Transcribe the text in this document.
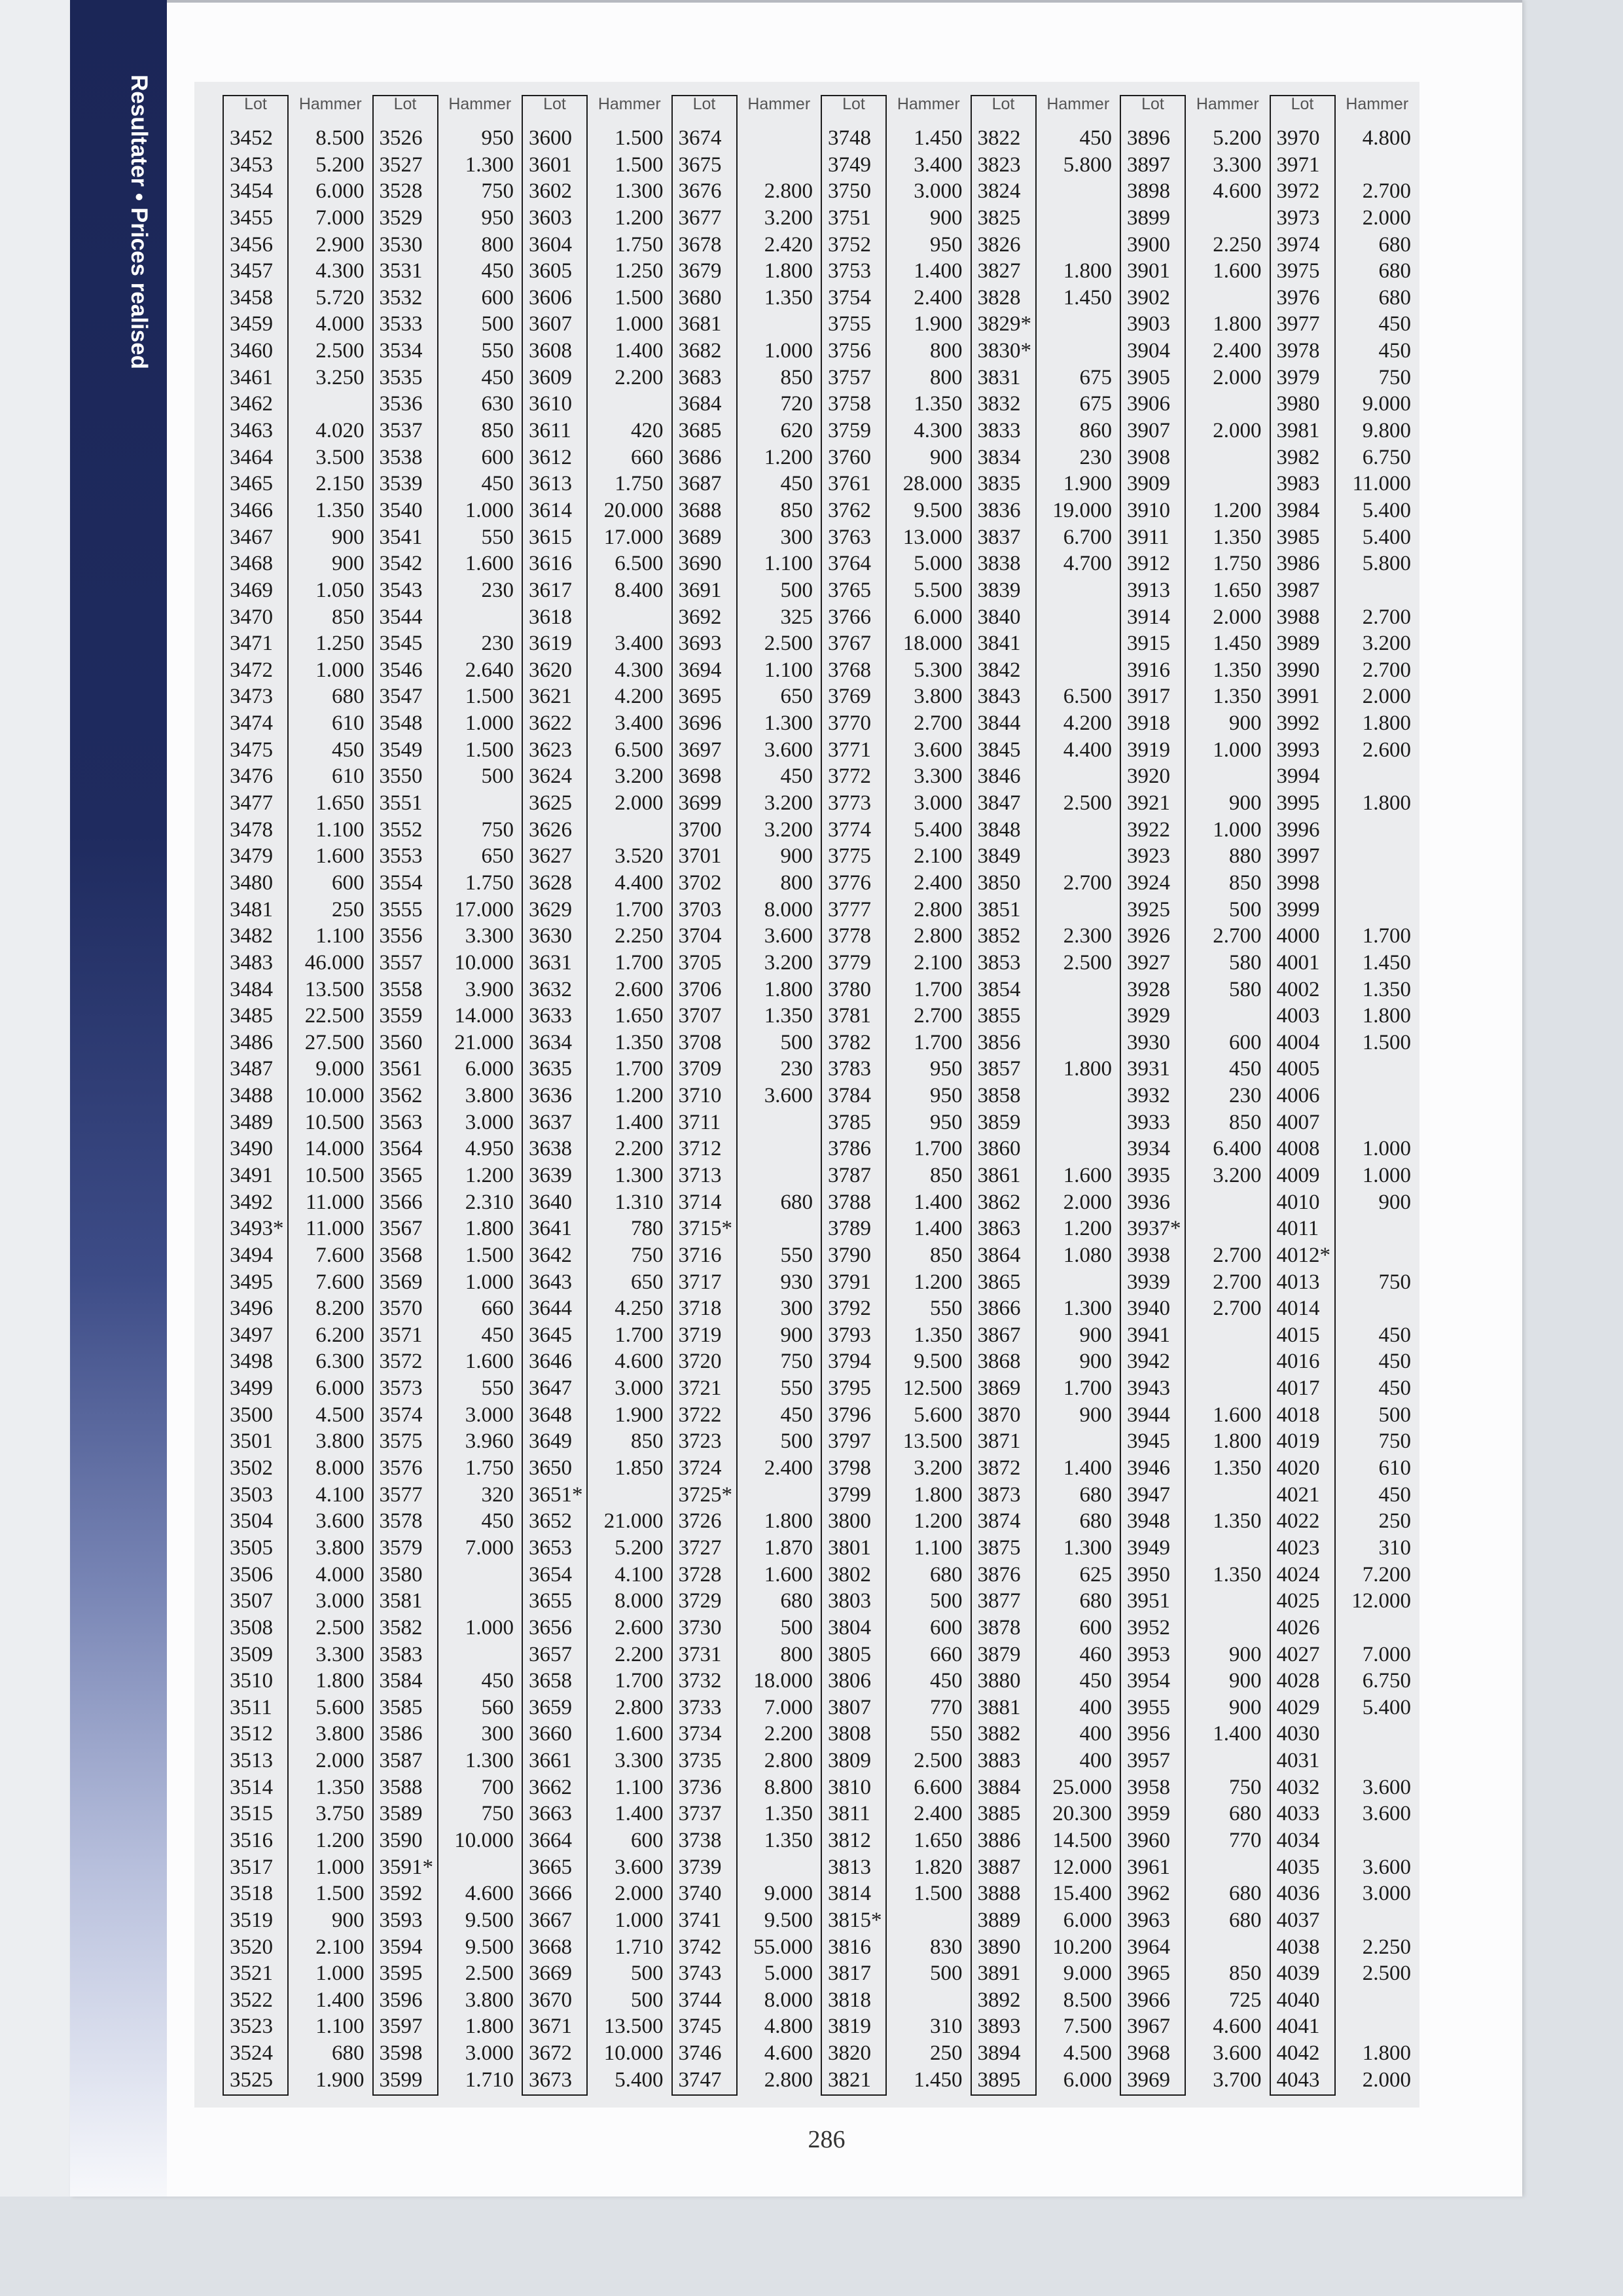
Resultater • Prices realised	Lot
3452
3453
3454
3455
3456
3457
3458
3459
3460
3461
3462
3463
3464
3465
3466
3467
3468
3469
3470
3471
3472
3473
3474
3475
3476
3477
3478
3479
3480
3481
3482
3483
3484
3485
3486
3487
3488
3489
3490
3491
3492
3493*
3494
3495
3496
3497
3498
3499
3500
3501
3502
3503
3504
3505
3506
3507
3508
3509
3510
3511
3512
3513
3514
3515
3516
3517
3518
3519
3520
3521
3522
3523
3524
3525
Hammer
8.500
5.200
6.000
7.000
2.900
4.300
5.720
4.000
2.500
3.250
4.020
3.500
2.150
1.350
900
900
1.050
850
1.250
1.000
680
610
450
610
1.650
1.100
1.600
600
250
1.100
46.000
13.500
22.500
27.500
9.000
10.000
10.500
14.000
10.500
11.000
11.000
7.600
7.600
8.200
6.200
6.300
6.000
4.500
3.800
8.000
4.100
3.600
3.800
4.000
3.000
2.500
3.300
1.800
5.600
3.800
2.000
1.350
3.750
1.200
1.000
1.500
900
2.100
1.000
1.400
1.100
680
1.900
Lot
3526
3527
3528
3529
3530
3531
3532
3533
3534
3535
3536
3537
3538
3539
3540
3541
3542
3543
3544
3545
3546
3547
3548
3549
3550
3551
3552
3553
3554
3555
3556
3557
3558
3559
3560
3561
3562
3563
3564
3565
3566
3567
3568
3569
3570
3571
3572
3573
3574
3575
3576
3577
3578
3579
3580
3581
3582
3583
3584
3585
3586
3587
3588
3589
3590
3591*
3592
3593
3594
3595
3596
3597
3598
3599
Hammer
950
1.300
750
950
800
450
600
500
550
450
630
850
600
450
1.000
550
1.600
230
230
2.640
1.500
1.000
1.500
500
750
650
1.750
17.000
3.300
10.000
3.900
14.000
21.000
6.000
3.800
3.000
4.950
1.200
2.310
1.800
1.500
1.000
660
450
1.600
550
3.000
3.960
1.750
320
450
7.000
1.000
450
560
300
1.300
700
750
10.000
4.600
9.500
9.500
2.500
3.800
1.800
3.000
1.710
Lot
3600
3601
3602
3603
3604
3605
3606
3607
3608
3609
3610
3611
3612
3613
3614
3615
3616
3617
3618
3619
3620
3621
3622
3623
3624
3625
3626
3627
3628
3629
3630
3631
3632
3633
3634
3635
3636
3637
3638
3639
3640
3641
3642
3643
3644
3645
3646
3647
3648
3649
3650
3651*
3652
3653
3654
3655
3656
3657
3658
3659
3660
3661
3662
3663
3664
3665
3666
3667
3668
3669
3670
3671
3672
3673
Hammer
1.500
1.500
1.300
1.200
1.750
1.250
1.500
1.000
1.400
2.200
420
660
1.750
20.000
17.000
6.500
8.400
3.400
4.300
4.200
3.400
6.500
3.200
2.000
3.520
4.400
1.700
2.250
1.700
2.600
1.650
1.350
1.700
1.200
1.400
2.200
1.300
1.310
780
750
650
4.250
1.700
4.600
3.000
1.900
850
1.850
21.000
5.200
4.100
8.000
2.600
2.200
1.700
2.800
1.600
3.300
1.100
1.400
600
3.600
2.000
1.000
1.710
500
500
13.500
10.000
5.400
Lot
3674
3675
3676
3677
3678
3679
3680
3681
3682
3683
3684
3685
3686
3687
3688
3689
3690
3691
3692
3693
3694
3695
3696
3697
3698
3699
3700
3701
3702
3703
3704
3705
3706
3707
3708
3709
3710
3711
3712
3713
3714
3715*
3716
3717
3718
3719
3720
3721
3722
3723
3724
3725*
3726
3727
3728
3729
3730
3731
3732
3733
3734
3735
3736
3737
3738
3739
3740
3741
3742
3743
3744
3745
3746
3747
Hammer
2.800
3.200
2.420
1.800
1.350
1.000
850
720
620
1.200
450
850
300
1.100
500
325
2.500
1.100
650
1.300
3.600
450
3.200
3.200
900
800
8.000
3.600
3.200
1.800
1.350
500
230
3.600
680
550
930
300
900
750
550
450
500
2.400
1.800
1.870
1.600
680
500
800
18.000
7.000
2.200
2.800
8.800
1.350
1.350
9.000
9.500
55.000
5.000
8.000
4.800
4.600
2.800
Lot
3748
3749
3750
3751
3752
3753
3754
3755
3756
3757
3758
3759
3760
3761
3762
3763
3764
3765
3766
3767
3768
3769
3770
3771
3772
3773
3774
3775
3776
3777
3778
3779
3780
3781
3782
3783
3784
3785
3786
3787
3788
3789
3790
3791
3792
3793
3794
3795
3796
3797
3798
3799
3800
3801
3802
3803
3804
3805
3806
3807
3808
3809
3810
3811
3812
3813
3814
3815*
3816
3817
3818
3819
3820
3821
Hammer
1.450
3.400
3.000
900
950
1.400
2.400
1.900
800
800
1.350
4.300
900
28.000
9.500
13.000
5.000
5.500
6.000
18.000
5.300
3.800
2.700
3.600
3.300
3.000
5.400
2.100
2.400
2.800
2.800
2.100
1.700
2.700
1.700
950
950
950
1.700
850
1.400
1.400
850
1.200
550
1.350
9.500
12.500
5.600
13.500
3.200
1.800
1.200
1.100
680
500
600
660
450
770
550
2.500
6.600
2.400
1.650
1.820
1.500
830
500
310
250
1.450
Lot
3822
3823
3824
3825
3826
3827
3828
3829*
3830*
3831
3832
3833
3834
3835
3836
3837
3838
3839
3840
3841
3842
3843
3844
3845
3846
3847
3848
3849
3850
3851
3852
3853
3854
3855
3856
3857
3858
3859
3860
3861
3862
3863
3864
3865
3866
3867
3868
3869
3870
3871
3872
3873
3874
3875
3876
3877
3878
3879
3880
3881
3882
3883
3884
3885
3886
3887
3888
3889
3890
3891
3892
3893
3894
3895
Hammer
450
5.800
1.800
1.450
675
675
860
230
1.900
19.000
6.700
4.700
6.500
4.200
4.400
2.500
2.700
2.300
2.500
1.800
1.600
2.000
1.200
1.080
1.300
900
900
1.700
900
1.400
680
680
1.300
625
680
600
460
450
400
400
400
25.000
20.300
14.500
12.000
15.400
6.000
10.200
9.000
8.500
7.500
4.500
6.000
Lot
3896
3897
3898
3899
3900
3901
3902
3903
3904
3905
3906
3907
3908
3909
3910
3911
3912
3913
3914
3915
3916
3917
3918
3919
3920
3921
3922
3923
3924
3925
3926
3927
3928
3929
3930
3931
3932
3933
3934
3935
3936
3937*
3938
3939
3940
3941
3942
3943
3944
3945
3946
3947
3948
3949
3950
3951
3952
3953
3954
3955
3956
3957
3958
3959
3960
3961
3962
3963
3964
3965
3966
3967
3968
3969
Hammer
5.200
3.300
4.600
2.250
1.600
1.800
2.400
2.000
2.000
1.200
1.350
1.750
1.650
2.000
1.450
1.350
1.350
900
1.000
900
1.000
880
850
500
2.700
580
580
600
450
230
850
6.400
3.200
2.700
2.700
2.700
1.600
1.800
1.350
1.350
1.350
900
900
900
1.400
750
680
770
680
680
850
725
4.600
3.600
3.700
Lot
3970
3971
3972
3973
3974
3975
3976
3977
3978
3979
3980
3981
3982
3983
3984
3985
3986
3987
3988
3989
3990
3991
3992
3993
3994
3995
3996
3997
3998
3999
4000
4001
4002
4003
4004
4005
4006
4007
4008
4009
4010
4011
4012*
4013
4014
4015
4016
4017
4018
4019
4020
4021
4022
4023
4024
4025
4026
4027
4028
4029
4030
4031
4032
4033
4034
4035
4036
4037
4038
4039
4040
4041
4042
4043
Hammer
4.800
2.700
2.000
680
680
680
450
450
750
9.000
9.800
6.750
11.000
5.400
5.400
5.800
2.700
3.200
2.700
2.000
1.800
2.600
1.800
1.700
1.450
1.350
1.800
1.500
1.000
1.000
900
750
450
450
450
500
750
610
450
250
310
7.200
12.000
7.000
6.750
5.400
3.600
3.600
3.600
3.000
2.250
2.500
1.800
2.000
286
